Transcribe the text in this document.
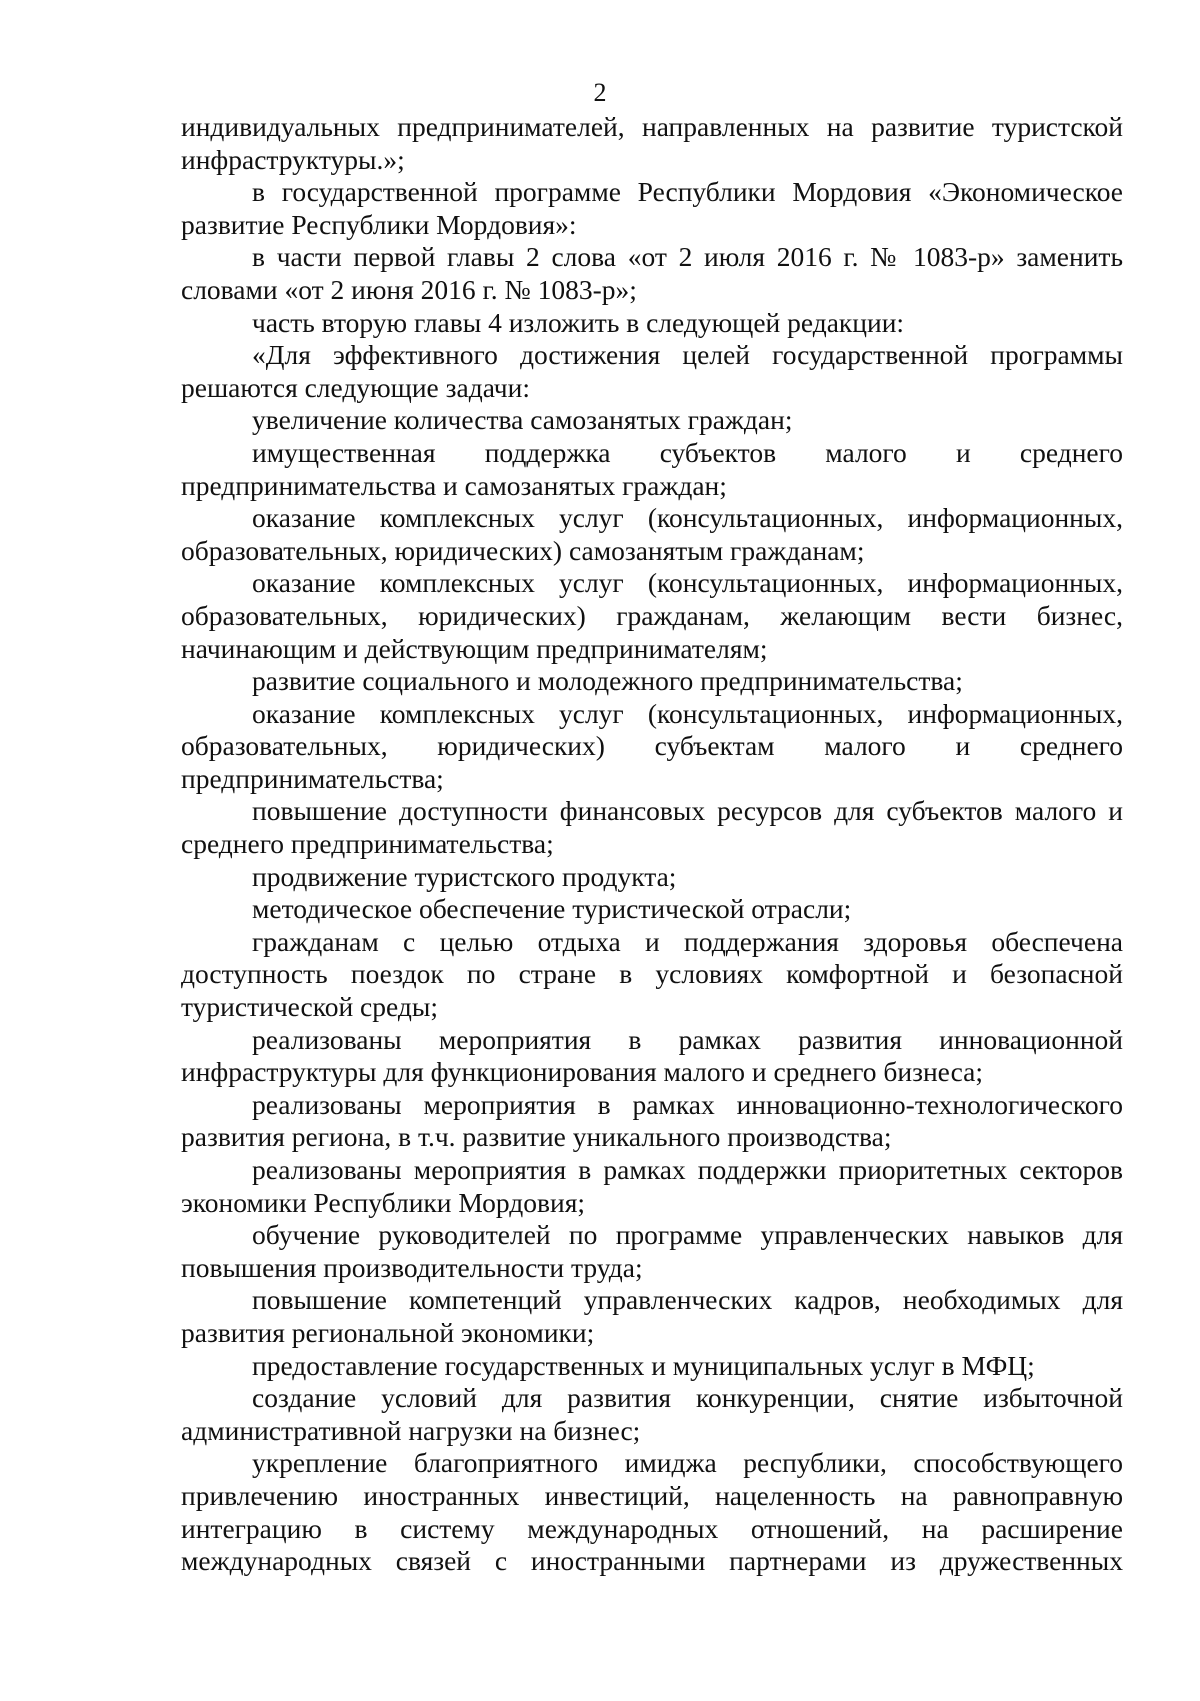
2

индивидуальных предпринимателей, направленных на развитие туристской инфраструктуры.»;

в государственной программе Республики Мордовия «Экономическое развитие Республики Мордовия»:

в части первой главы 2 слова «от 2 июля 2016 г. № 1083-р» заменить словами «от 2 июня 2016 г. № 1083-р»;

часть вторую главы 4 изложить в следующей редакции:

«Для эффективного достижения целей государственной программы решаются следующие задачи:

увеличение количества самозанятых граждан;

имущественная поддержка субъектов малого и среднего предпринимательства и самозанятых граждан;

оказание комплексных услуг (консультационных, информационных, образовательных, юридических) самозанятым гражданам;

оказание комплексных услуг (консультационных, информационных, образовательных, юридических) гражданам, желающим вести бизнес, начинающим и действующим предпринимателям;

развитие социального и молодежного предпринимательства;

оказание комплексных услуг (консультационных, информационных, образовательных, юридических) субъектам малого и среднего предпринимательства;

повышение доступности финансовых ресурсов для субъектов малого и среднего предпринимательства;

продвижение туристского продукта;

методическое обеспечение туристической отрасли;

гражданам с целью отдыха и поддержания здоровья обеспечена доступность поездок по стране в условиях комфортной и безопасной туристической среды;

реализованы мероприятия в рамках развития инновационной инфраструктуры для функционирования малого и среднего бизнеса;

реализованы мероприятия в рамках инновационно-технологического развития региона, в т.ч. развитие уникального производства;

реализованы мероприятия в рамках поддержки приоритетных секторов экономики Республики Мордовия;

обучение руководителей по программе управленческих навыков для повышения производительности труда;

повышение компетенций управленческих кадров, необходимых для развития региональной экономики;

предоставление государственных и муниципальных услуг в МФЦ;

создание условий для развития конкуренции, снятие избыточной административной нагрузки на бизнес;

укрепление благоприятного имиджа республики, способствующего привлечению иностранных инвестиций, нацеленность на равноправную интеграцию в систему международных отношений, на расширение международных связей с иностранными партнерами из дружественных
